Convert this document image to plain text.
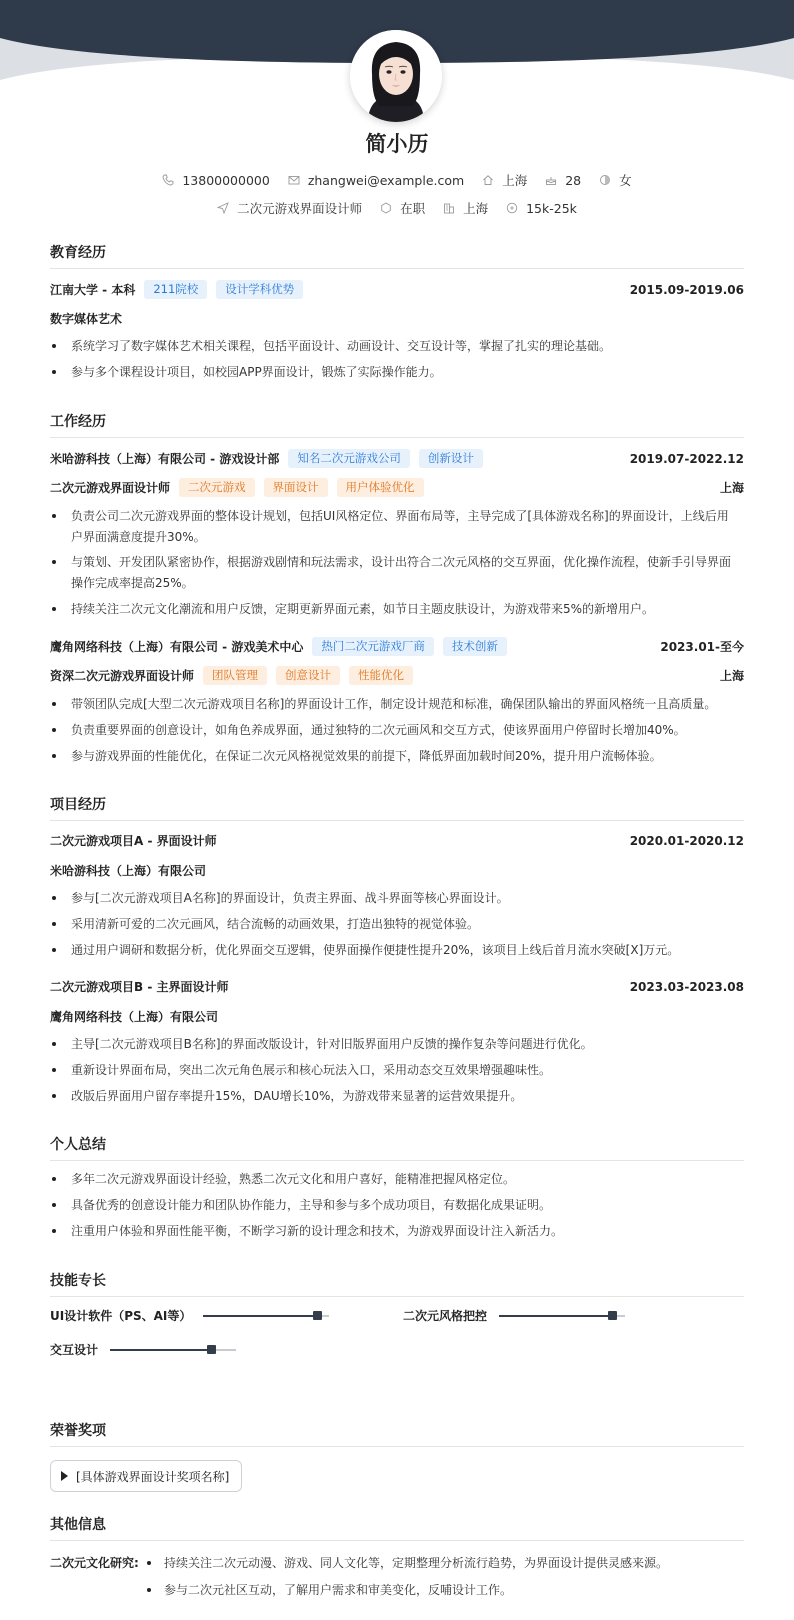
简小历
13800000000	zhangwei@example.com	上海	28	女
二次元游戏界面设计师	在职	上海	15k-25k
教育经历
江南大学 - 本科	211院校	设计学科优势	2015.09-2019.06
数字媒体艺术
系统学习了数字媒体艺术相关课程，包括平面设计、动画设计、交互设计等，掌握了扎实的理论基础。
参与多个课程设计项目，如校园APP界面设计，锻炼了实际操作能力。
工作经历
米哈游科技（上海）有限公司 - 游戏设计部	知名二次元游戏公司	创新设计	2019.07-2022.12
二次元游戏界面设计师	二次元游戏	界面设计	用户体验优化	上海
负责公司二次元游戏界面的整体设计规划，包括UI风格定位、界面布局等，主导完成了[具体游戏名称]的界面设计，上线后用户界面满意度提升30%。
与策划、开发团队紧密协作，根据游戏剧情和玩法需求，设计出符合二次元风格的交互界面，优化操作流程，使新手引导界面操作完成率提高25%。
持续关注二次元文化潮流和用户反馈，定期更新界面元素，如节日主题皮肤设计，为游戏带来5%的新增用户。
鹰角网络科技（上海）有限公司 - 游戏美术中心	热门二次元游戏厂商	技术创新	2023.01-至今
资深二次元游戏界面设计师	团队管理	创意设计	性能优化	上海
带领团队完成[大型二次元游戏项目名称]的界面设计工作，制定设计规范和标准，确保团队输出的界面风格统一且高质量。
负责重要界面的创意设计，如角色养成界面，通过独特的二次元画风和交互方式，使该界面用户停留时长增加40%。
参与游戏界面的性能优化，在保证二次元风格视觉效果的前提下，降低界面加载时间20%，提升用户流畅体验。
项目经历
二次元游戏项目A - 界面设计师	2020.01-2020.12
米哈游科技（上海）有限公司
参与[二次元游戏项目A名称]的界面设计，负责主界面、战斗界面等核心界面设计。
采用清新可爱的二次元画风，结合流畅的动画效果，打造出独特的视觉体验。
通过用户调研和数据分析，优化界面交互逻辑，使界面操作便捷性提升20%，该项目上线后首月流水突破[X]万元。
二次元游戏项目B - 主界面设计师	2023.03-2023.08
鹰角网络科技（上海）有限公司
主导[二次元游戏项目B名称]的界面改版设计，针对旧版界面用户反馈的操作复杂等问题进行优化。
重新设计界面布局，突出二次元角色展示和核心玩法入口，采用动态交互效果增强趣味性。
改版后界面用户留存率提升15%，DAU增长10%，为游戏带来显著的运营效果提升。
个人总结
多年二次元游戏界面设计经验，熟悉二次元文化和用户喜好，能精准把握风格定位。
具备优秀的创意设计能力和团队协作能力，主导和参与多个成功项目，有数据化成果证明。
注重用户体验和界面性能平衡，不断学习新的设计理念和技术，为游戏界面设计注入新活力。
技能专长
UI设计软件（PS、AI等）	二次元风格把控
交互设计
荣誉奖项
[具体游戏界面设计奖项名称]
其他信息
二次元文化研究:	持续关注二次元动漫、游戏、同人文化等，定期整理分析流行趋势，为界面设计提供灵感来源。
参与二次元社区互动，了解用户需求和审美变化，反哺设计工作。
